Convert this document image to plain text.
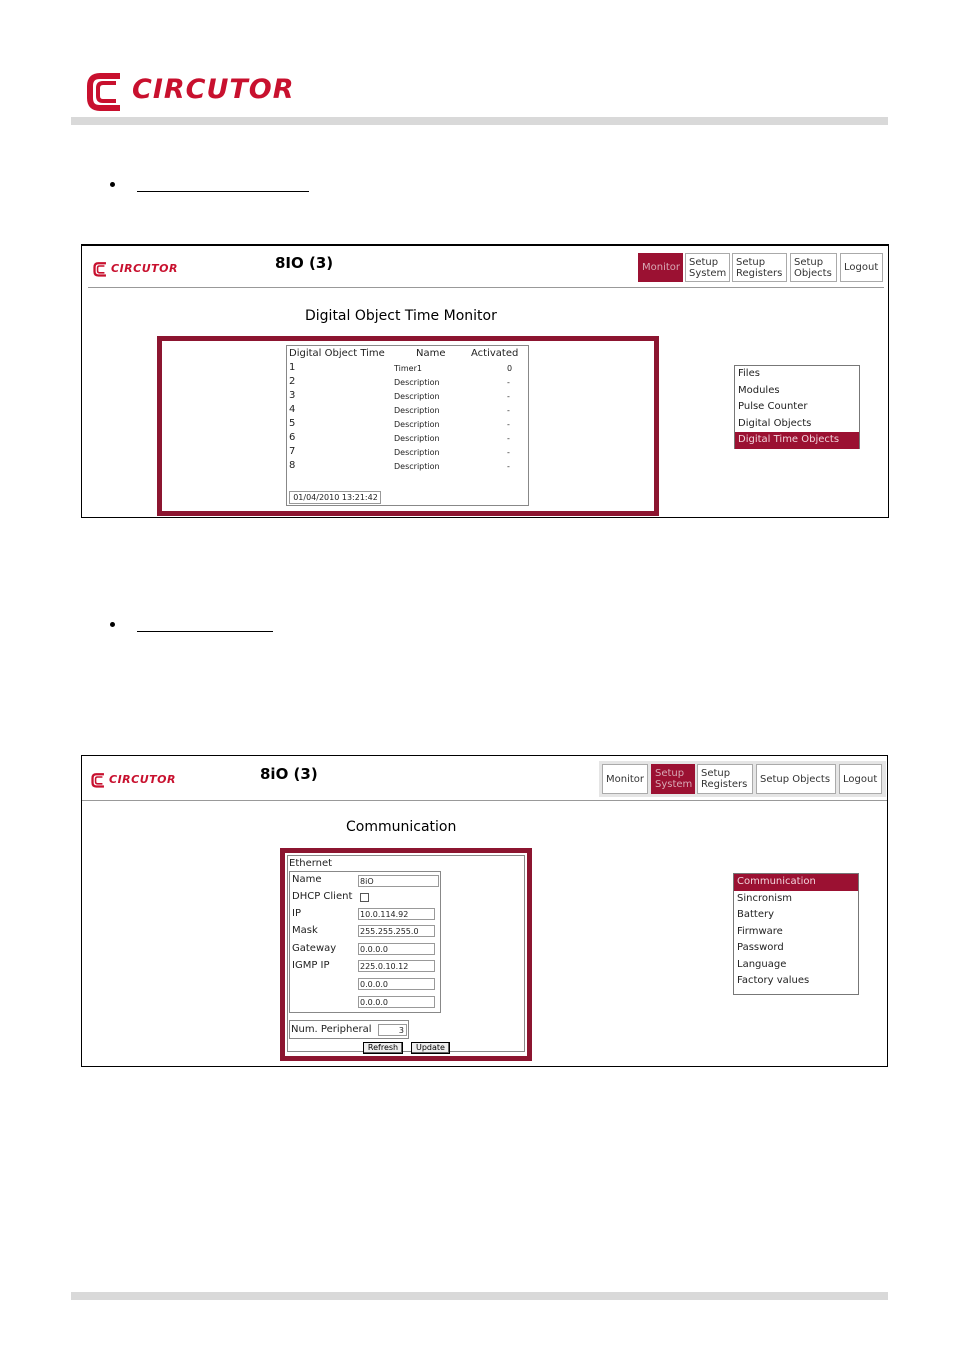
CIRCUTOR
CIRCUTOR	8IO (3)	Monitor Setup
System
Setup
Registers
Setup
Objects Logout
Digital Object Time Monitor
Digital Object Time	Name	Activated
1	Timer1	0
2	Description	-
3	Description	-
4	Description	-
5	Description	-
6	Description	-
7	Description	-
8	Description	-
01/04/2010 13:21:42
Files
Modules
Pulse Counter
Digital Objects
Digital Time Objects
CIRCUTOR	8iO (3)	Monitor Setup
System
Setup
Registers Setup Objects Logout
Communication
Ethernet
Name	8iO
DHCP Client
IP	10.0.114.92
Mask	255.255.255.0
Gateway	0.0.0.0
IGMP IP	225.0.10.12
0.0.0.0
0.0.0.0
Num. Peripheral	3
Refresh	Update
Communication
Sincronism
Battery
Firmware
Password
Language
Factory values
